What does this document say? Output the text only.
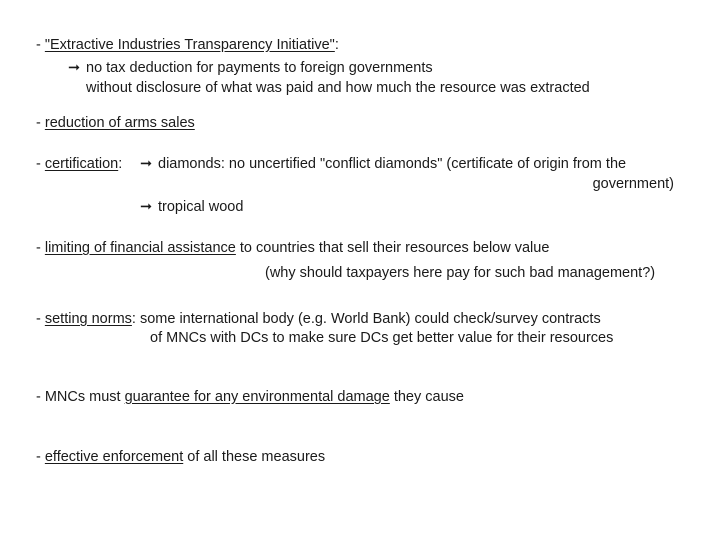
- "Extractive Industries Transparency Initiative":
➞ no tax deduction for payments to foreign governments
without disclosure of what was paid and how much the resource was extracted
- reduction of arms sales
- certification: ➞ diamonds: no uncertified "conflict diamonds" (certificate of origin from the
government)
➞ tropical wood
- limiting of financial assistance to countries that sell their resources below value
(why should taxpayers here pay for such bad management?)
- setting norms: some international body (e.g. World Bank) could check/survey contracts
of MNCs with DCs to make sure DCs get better value for their resources
- MNCs must guarantee for any environmental damage they cause
- effective enforcement of all these measures
